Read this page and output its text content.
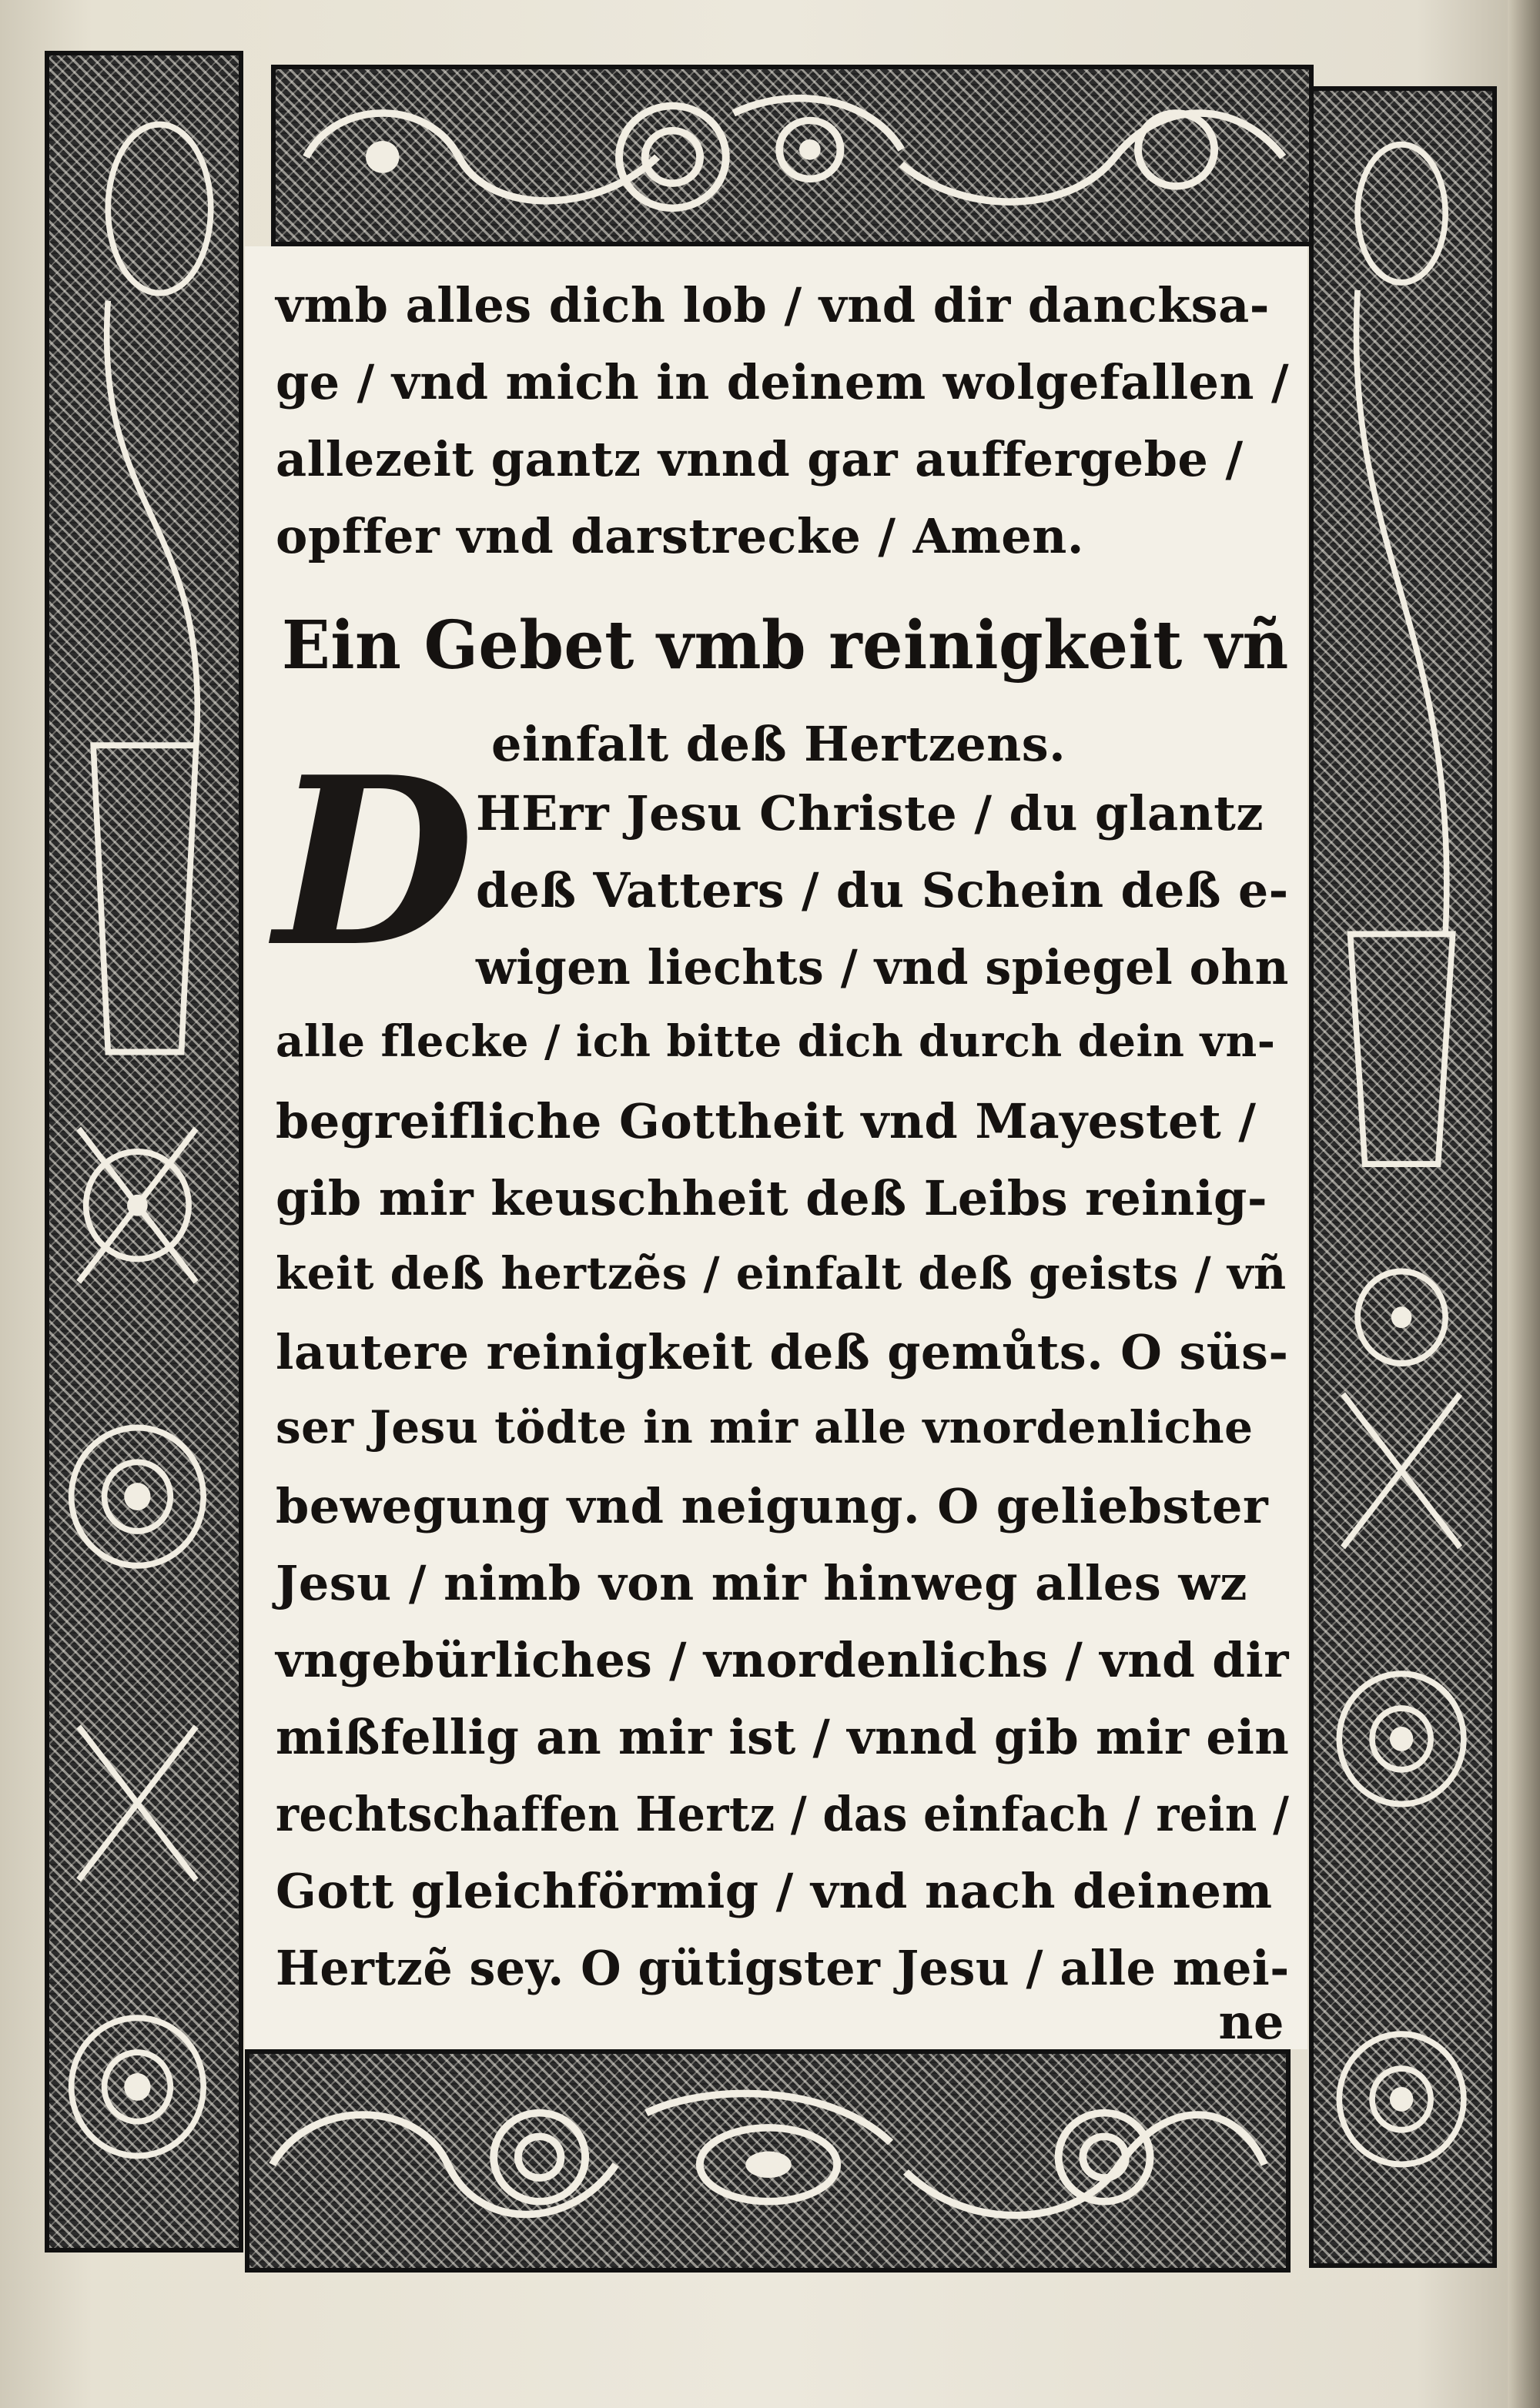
vmb alles dich lob / vnd dir dancksa-
ge / vnd mich in deinem wolgefallen /
allezeit gantz vnnd gar auffergebe /
opffer vnd darstrecke / Amen.
Ein Gebet vmb reinigkeit vñ
einfalt deß Hertzens.
D HErr Jesu Christe / du glantz
deß Vatters / du Schein deß e-
wigen liechts / vnd spiegel ohn
alle flecke / ich bitte dich durch dein vn-
begreifliche Gottheit vnd Mayestet /
gib mir keuschheit deß Leibs reinig-
keit deß hertzẽs / einfalt deß geists / vñ
lautere reinigkeit deß gemůts. O süs-
ser Jesu tödte in mir alle vnordenliche
bewegung vnd neigung. O geliebster
Jesu / nimb von mir hinweg alles wz
vngebürliches / vnordenlichs / vnd dir
mißfellig an mir ist / vnnd gib mir ein
rechtschaffen Hertz / das einfach / rein /
Gott gleichförmig / vnd nach deinem
Hertzẽ sey. O gütigster Jesu / alle mei-
ne
